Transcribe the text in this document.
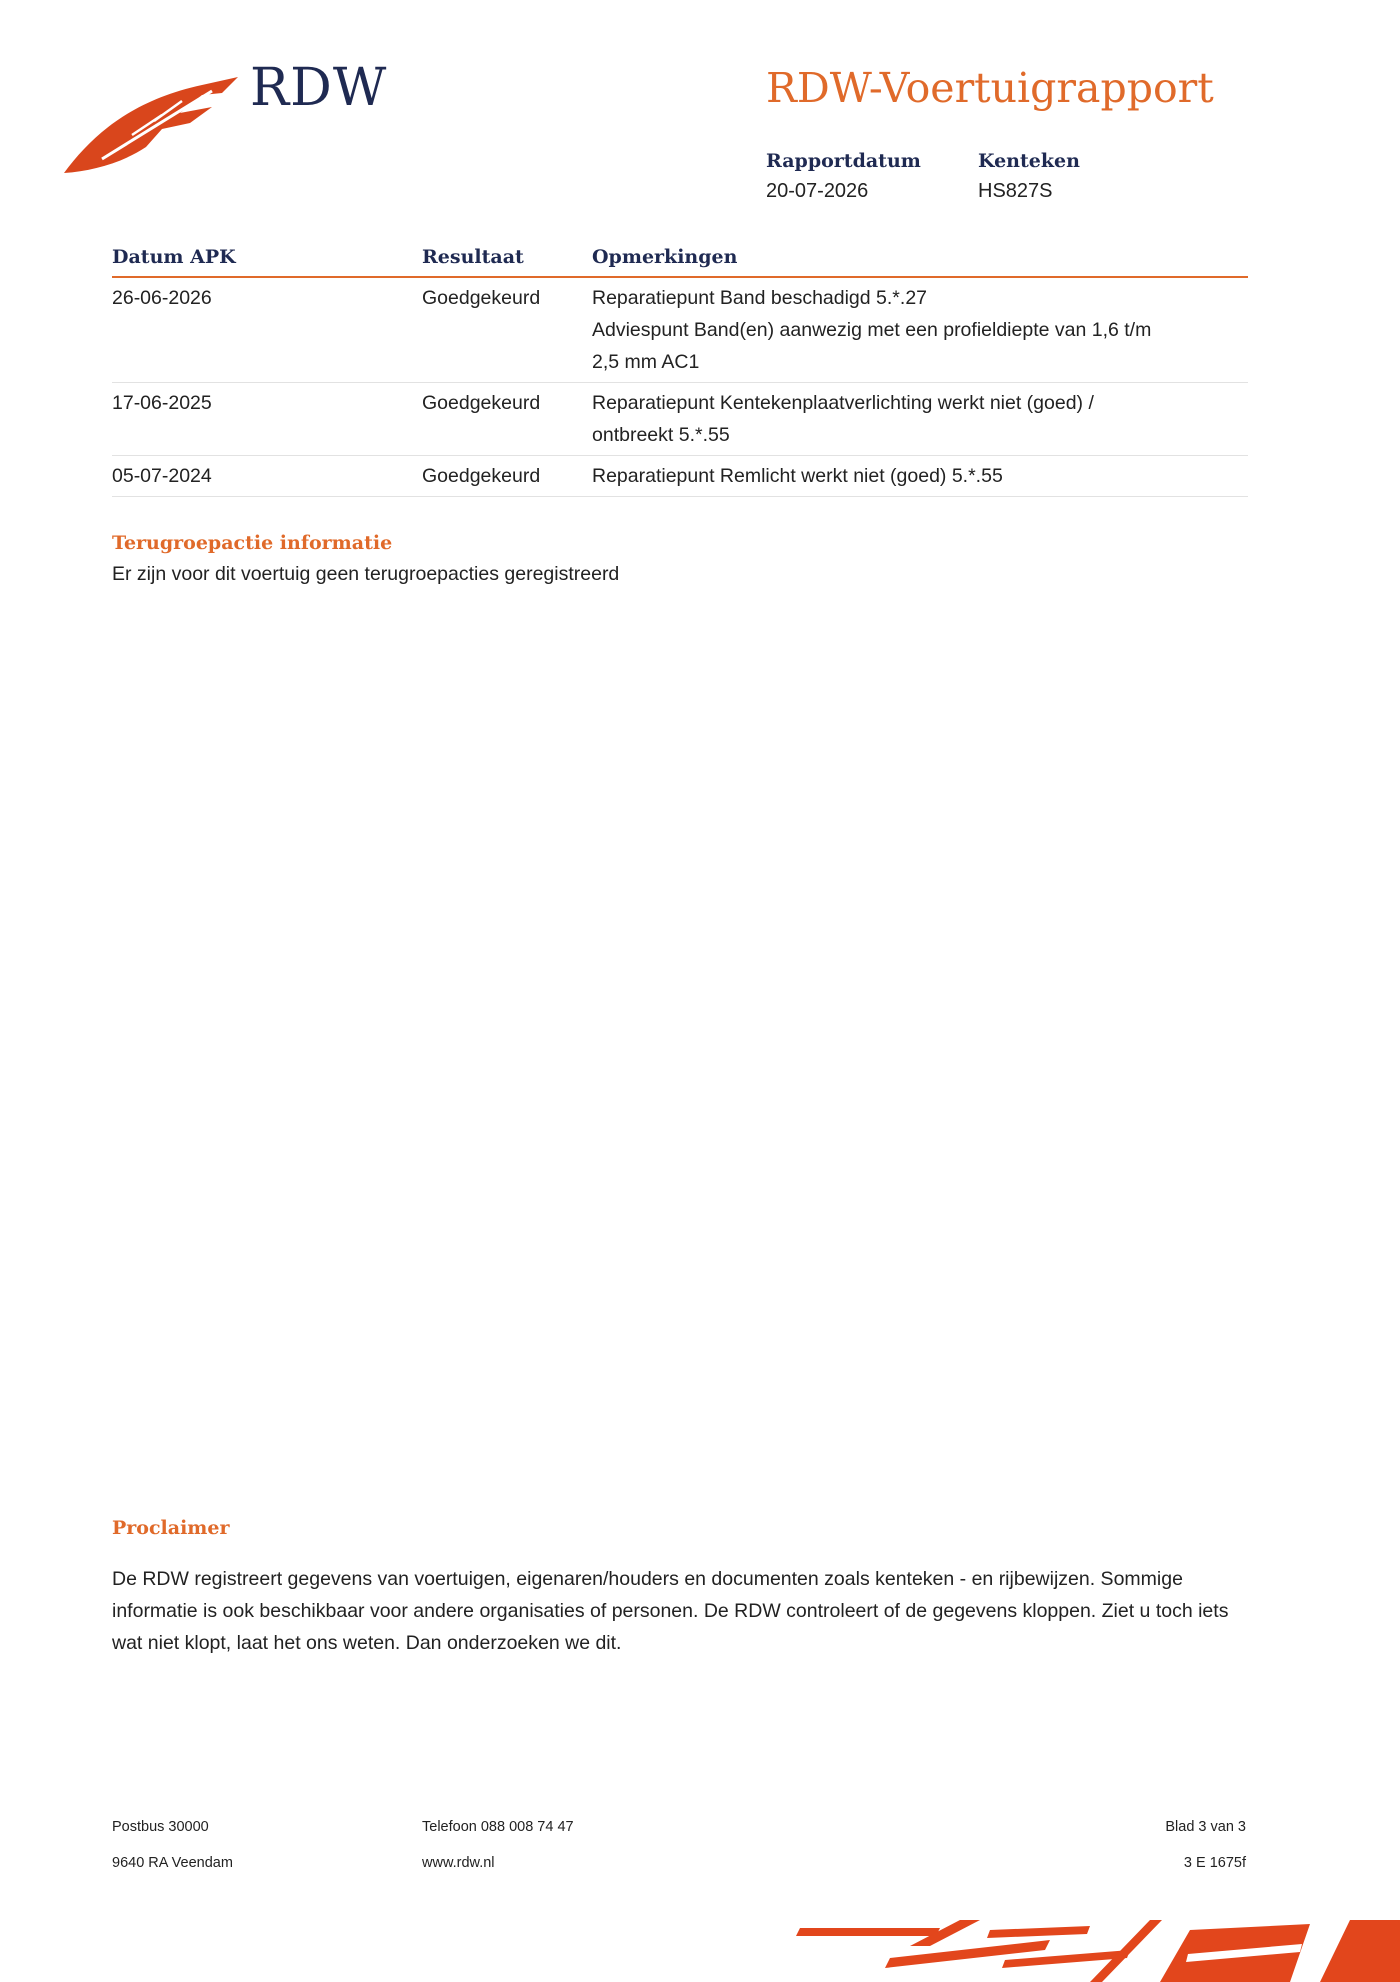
RDW	RDW-Voertuigrapport
Rapportdatum
20-07-2026
Kenteken
HS827S
Datum APK	Resultaat	Opmerkingen
26-06-2026	Goedgekeurd	Reparatiepunt Band beschadigd 5.*.27
Adviespunt Band(en) aanwezig met een profieldiepte van 1,6 t/m
2,5 mm AC1
17-06-2025	Goedgekeurd	Reparatiepunt Kentekenplaatverlichting werkt niet (goed) /
ontbreekt 5.*.55
05-07-2024	Goedgekeurd	Reparatiepunt Remlicht werkt niet (goed) 5.*.55
Terugroepactie informatie
Er zijn voor dit voertuig geen terugroepacties geregistreerd
Proclaimer
De RDW registreert gegevens van voertuigen, eigenaren/houders en documenten zoals kenteken - en rijbewijzen. Sommige informatie is ook beschikbaar voor andere organisaties of personen. De RDW controleert of de gegevens kloppen. Ziet u toch iets wat niet klopt, laat het ons weten. Dan onderzoeken we dit.
Postbus 30000
9640 RA Veendam
Telefoon 088 008 74 47
www.rdw.nl
Blad 3 van 3
3 E 1675f
